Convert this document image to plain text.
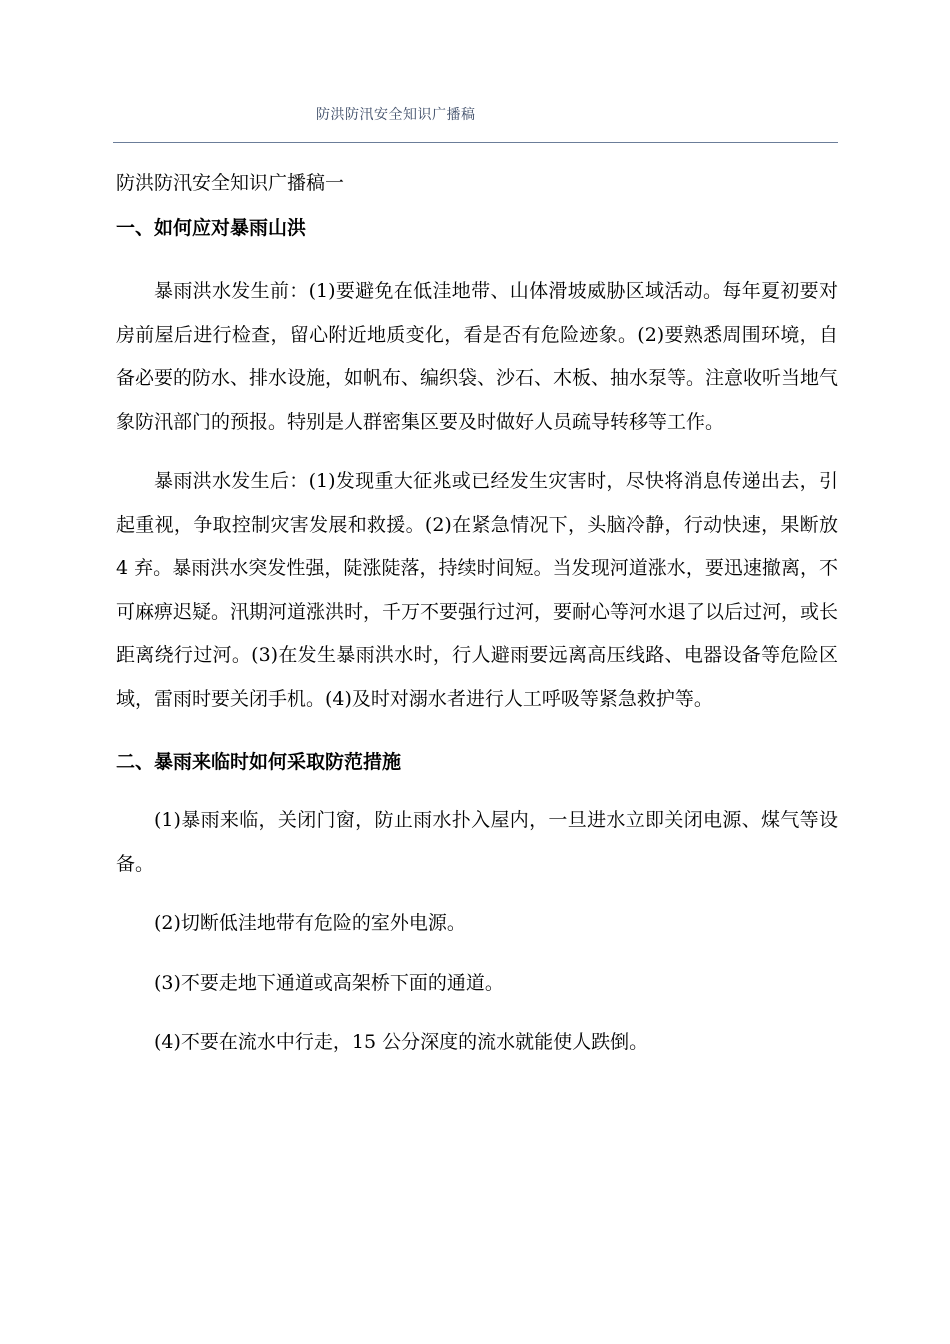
防洪防汛安全知识广播稿
防洪防汛安全知识广播稿一
一、如何应对暴雨山洪

暴雨洪水发生前：(1)要避免在低洼地带、山体滑坡威胁区域活动。每年夏初要对房前屋后进行检查，留心附近地质变化，看是否有危险迹象。(2)要熟悉周围环境，自备必要的防水、排水设施，如帆布、编织袋、沙石、木板、抽水泵等。注意收听当地气象防汛部门的预报。特别是人群密集区要及时做好人员疏导转移等工作。

暴雨洪水发生后：(1)发现重大征兆或已经发生灾害时，尽快将消息传递出去，引起重视，争取控制灾害发展和救援。(2)在紧急情况下，头脑冷静，行动快速，果断放 4 弃。暴雨洪水突发性强，陡涨陡落，持续时间短。当发现河道涨水，要迅速撤离，不可麻痹迟疑。汛期河道涨洪时，千万不要强行过河，要耐心等河水退了以后过河，或长距离绕行过河。(3)在发生暴雨洪水时，行人避雨要远离高压线路、电器设备等危险区域，雷雨时要关闭手机。(4)及时对溺水者进行人工呼吸等紧急救护等。

二、暴雨来临时如何采取防范措施

(1)暴雨来临，关闭门窗，防止雨水扑入屋内，一旦进水立即关闭电源、煤气等设备。

(2)切断低洼地带有危险的室外电源。

(3)不要走地下通道或高架桥下面的通道。

(4)不要在流水中行走，15 公分深度的流水就能使人跌倒。
